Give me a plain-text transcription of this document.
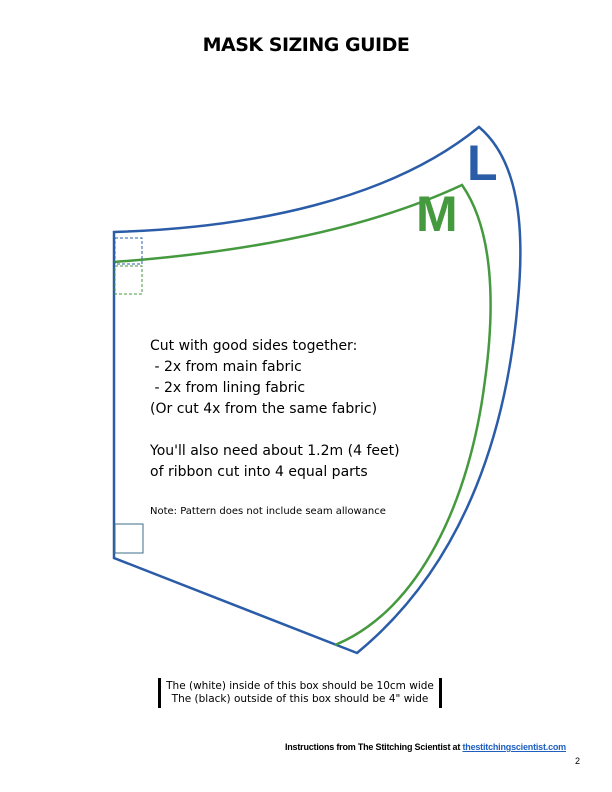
MASK SIZING GUIDE
L
M
Cut with good sides together:
- 2x from main fabric
- 2x from lining fabric
(Or cut 4x from the same fabric)
You'll also need about 1.2m (4 feet)
of ribbon cut into 4 equal parts
Note: Pattern does not include seam allowance
The (white) inside of this box should be 10cm wide
The (black) outside of this box should be 4" wide
Instructions from The Stitching Scientist at thestitchingscientist.com
2
